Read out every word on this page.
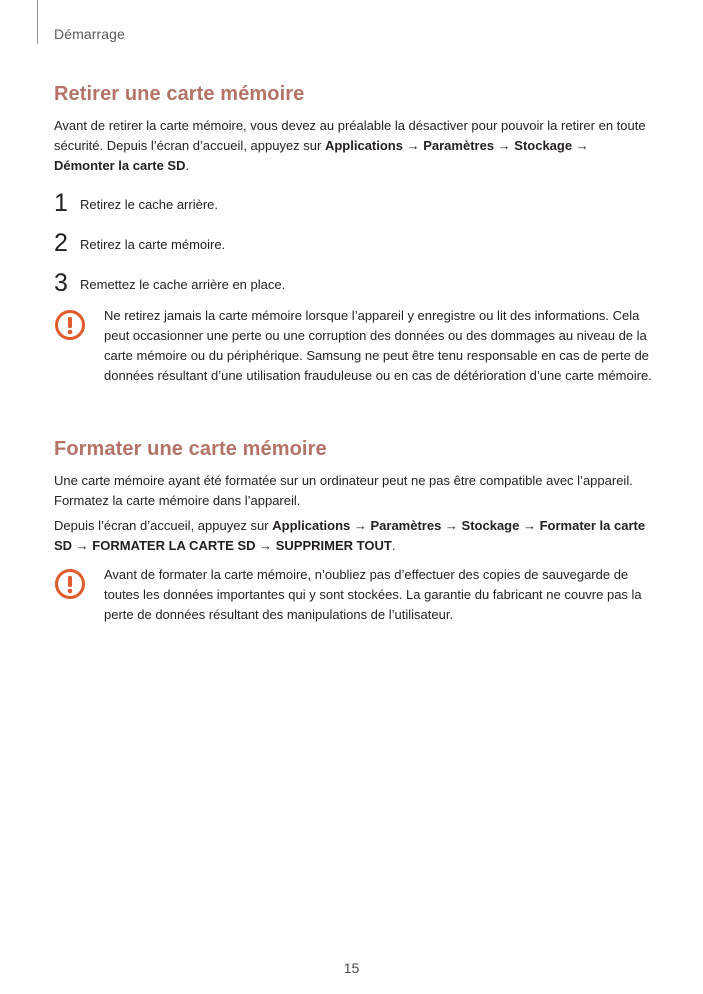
Démarrage
Retirer une carte mémoire

Avant de retirer la carte mémoire, vous devez au préalable la désactiver pour pouvoir la retirer en toute sécurité. Depuis l’écran d’accueil, appuyez sur Applications → Paramètres → Stockage → Démonter la carte SD.

1 Retirez le cache arrière.
2 Retirez la carte mémoire.
3 Remettez le cache arrière en place.

Ne retirez jamais la carte mémoire lorsque l’appareil y enregistre ou lit des informations. Cela peut occasionner une perte ou une corruption des données ou des dommages au niveau de la carte mémoire ou du périphérique. Samsung ne peut être tenu responsable en cas de perte de données résultant d’une utilisation frauduleuse ou en cas de détérioration d’une carte mémoire.

Formater une carte mémoire

Une carte mémoire ayant été formatée sur un ordinateur peut ne pas être compatible avec l’appareil. Formatez la carte mémoire dans l’appareil.

Depuis l’écran d’accueil, appuyez sur Applications → Paramètres → Stockage → Formater la carte SD → FORMATER LA CARTE SD → SUPPRIMER TOUT.

Avant de formater la carte mémoire, n’oubliez pas d’effectuer des copies de sauvegarde de toutes les données importantes qui y sont stockées. La garantie du fabricant ne couvre pas la perte de données résultant des manipulations de l’utilisateur.

15
